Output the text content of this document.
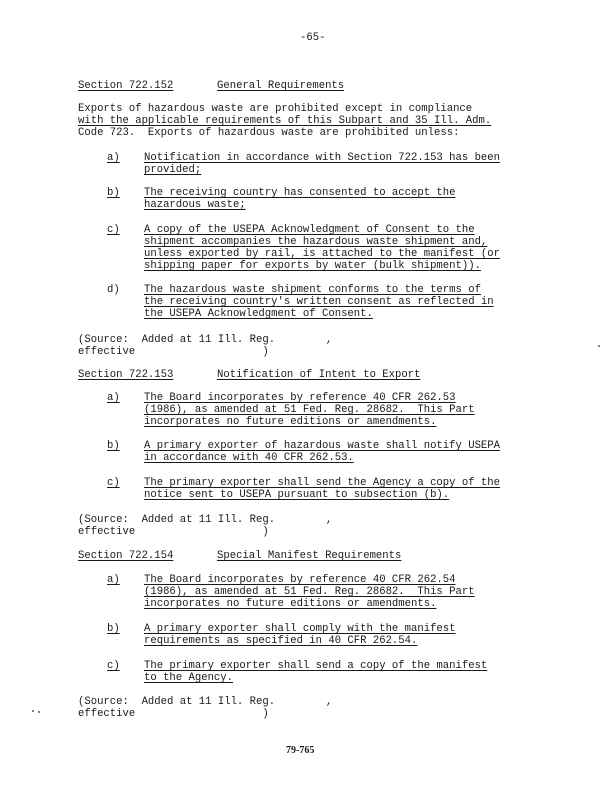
-65-
Section 722.152	General Requirements
Exports of hazardous waste are prohibited except in compliance
with the applicable requirements of this Subpart and 35 Ill. Adm.
Code 723.  Exports of hazardous waste are prohibited unless:
a) Notification in accordance with Section 722.153 has been
provided;
b) The receiving country has consented to accept the
hazardous waste;
c) A copy of the USEPA Acknowledgment of Consent to the
shipment accompanies the hazardous waste shipment and,
unless exported by rail, is attached to the manifest (or
shipping paper for exports by water (bulk shipment)).
d) The hazardous waste shipment conforms to the terms of
the receiving country's written consent as reflected in
the USEPA Acknowledgment of Consent.
(Source:  Added at 11 Ill. Reg.        ,
effective                    )
Section 722.153	Notification of Intent to Export
a) The Board incorporates by reference 40 CFR 262.53
(1986), as amended at 51 Fed. Reg. 28682.  This Part
incorporates no future editions or amendments.
b) A primary exporter of hazardous waste shall notify USEPA
in accordance with 40 CFR 262.53.
c) The primary exporter shall send the Agency a copy of the
notice sent to USEPA pursuant to subsection (b).
(Source:  Added at 11 Ill. Reg.        ,
effective                    )
Section 722.154	Special Manifest Requirements
a) The Board incorporates by reference 40 CFR 262.54
(1986), as amended at 51 Fed. Reg. 28682.  This Part
incorporates no future editions or amendments.
b) A primary exporter shall comply with the manifest
requirements as specified in 40 CFR 262.54.
c) The primary exporter shall send a copy of the manifest
to the Agency.
(Source:  Added at 11 Ill. Reg.        ,
effective                    )
79-765
